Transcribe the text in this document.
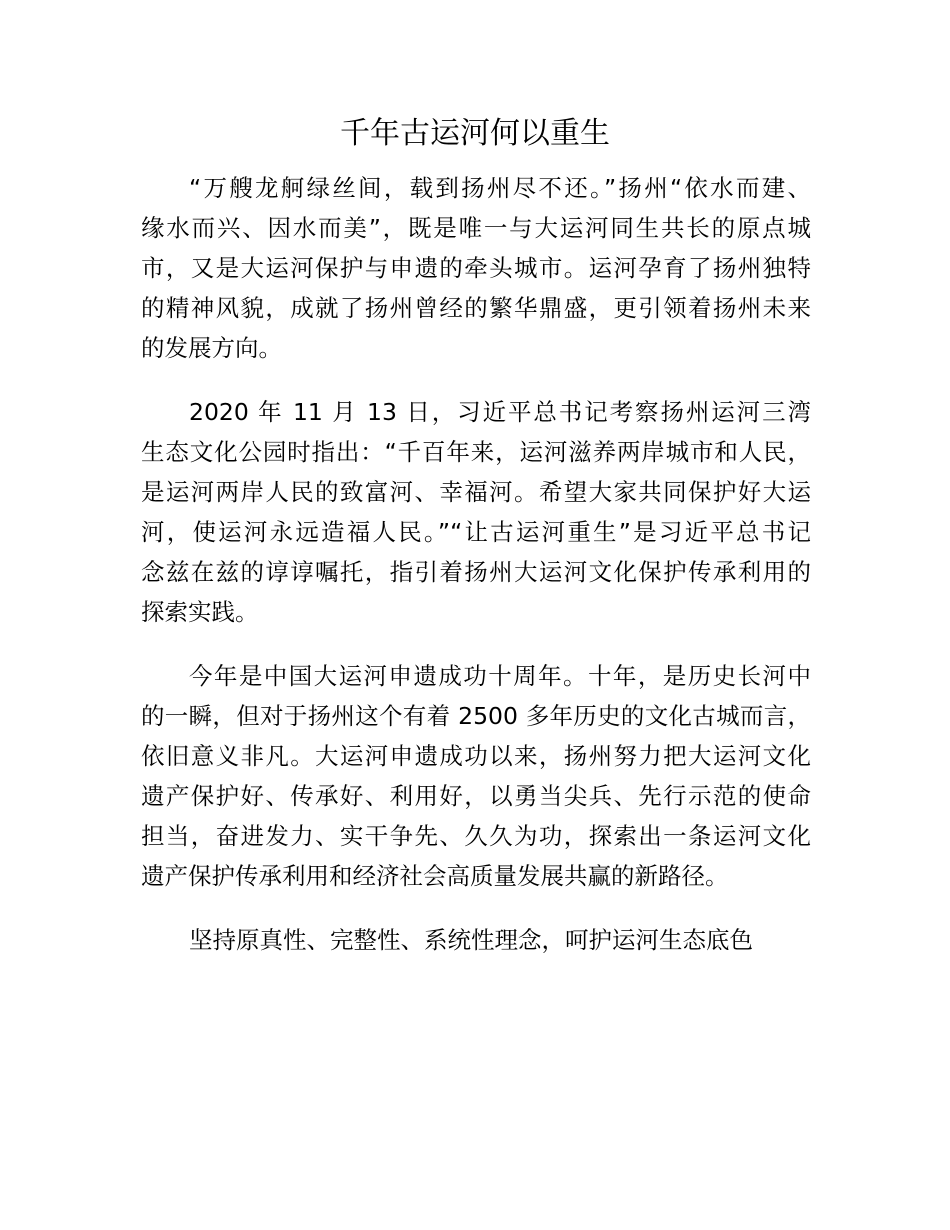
千年古运河何以重生
“万艘龙舸绿丝间，载到扬州尽不还。”扬州“依水而建、
缘水而兴、因水而美”，既是唯一与大运河同生共长的原点城
市，又是大运河保护与申遗的牵头城市。运河孕育了扬州独特
的精神风貌，成就了扬州曾经的繁华鼎盛，更引领着扬州未来
的发展方向。
2020 年 11 月 13 日，习近平总书记考察扬州运河三湾
生态文化公园时指出：“千百年来，运河滋养两岸城市和人民，
是运河两岸人民的致富河、幸福河。希望大家共同保护好大运
河，使运河永远造福人民。”“让古运河重生”是习近平总书记
念兹在兹的谆谆嘱托，指引着扬州大运河文化保护传承利用的
探索实践。
今年是中国大运河申遗成功十周年。十年，是历史长河中
的一瞬，但对于扬州这个有着 2500 多年历史的文化古城而言，
依旧意义非凡。大运河申遗成功以来，扬州努力把大运河文化
遗产保护好、传承好、利用好，以勇当尖兵、先行示范的使命
担当，奋进发力、实干争先、久久为功，探索出一条运河文化
遗产保护传承利用和经济社会高质量发展共赢的新路径。
坚持原真性、完整性、系统性理念，呵护运河生态底色
